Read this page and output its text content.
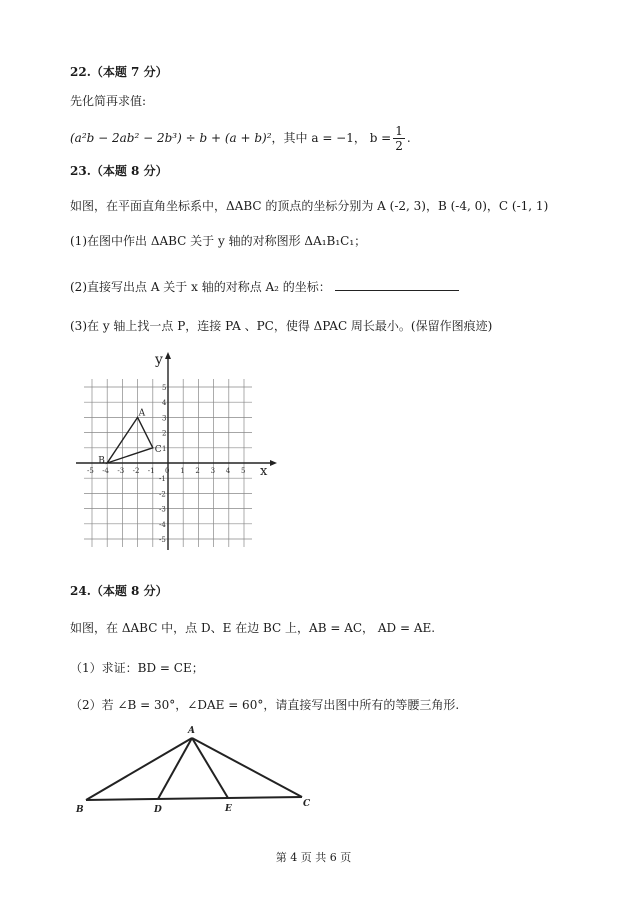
22.（本题 7 分）
先化简再求值:
(a²b − 2ab² − 2b³) ÷ b + (a + b)² ，其中 a = −1， $b = \frac{1}{2}$ .
23.（本题 8 分）
如图，在平面直角坐标系中，ΔABC 的顶点的坐标分别为 A (-2, 3)，B (-4, 0)，C (-1, 1)
(1)在图中作出 ΔABC 关于 y 轴的对称图形 ΔA₁B₁C₁；
(2)直接写出点 A 关于 x 轴的对称点 A₂ 的坐标：
(3)在 y 轴上找一点 P，连接 PA 、PC，使得 ΔPAC 周长最小。(保留作图痕迹)
x
y
-5 -4 -3 -2 -1 0 1 2 3 4 5
5
4
3
2
1
-1
-2
-3
-4
-5
A
B
C
24.（本题 8 分）
如图，在 ΔABC 中，点 D、E 在边 BC 上，AB = AC， AD = AE.
（1）求证：BD = CE；
（2）若 ∠B = 30°，∠DAE = 60°，请直接写出图中所有的等腰三角形.
A
B	D	E	C
第 4 页 共 6 页
